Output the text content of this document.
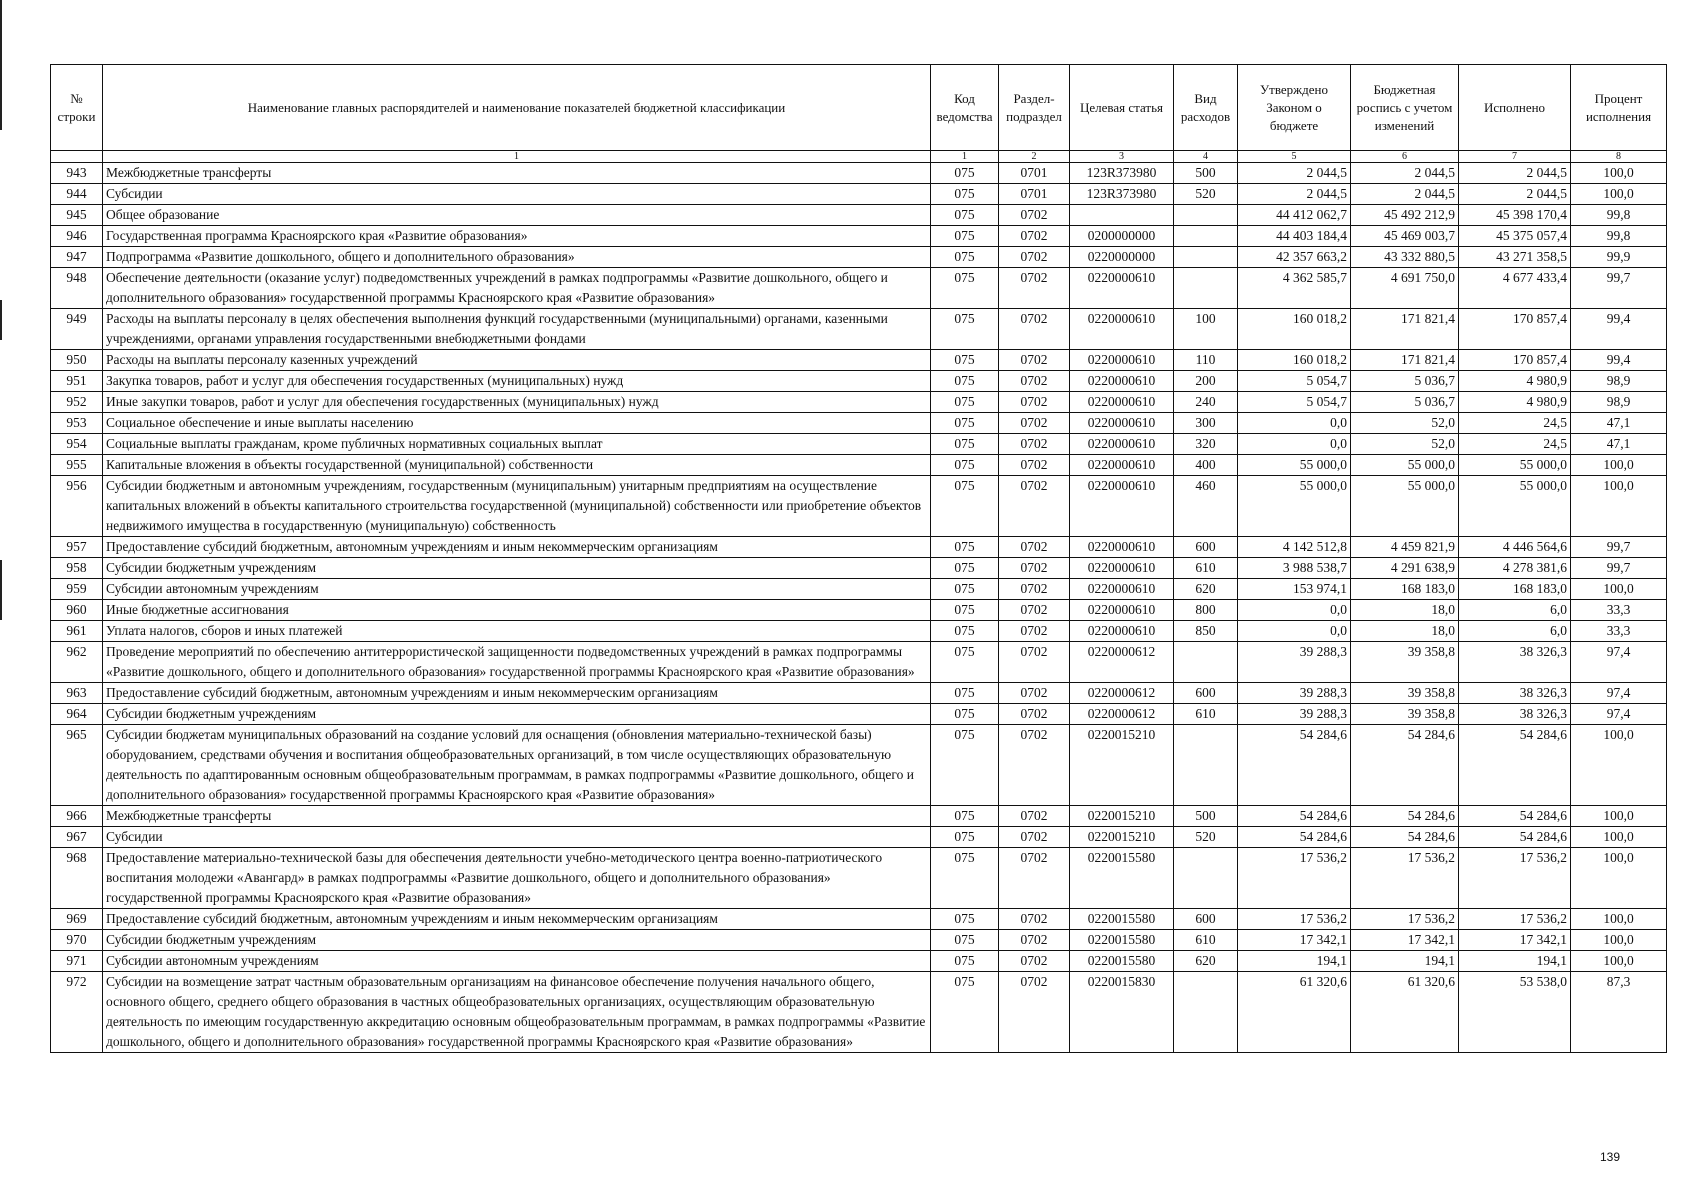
№ строки	Наименование главных распорядителей и наименование показателей бюджетной классификации	Код ведомства	Раздел-подраздел	Целевая статья	Вид расходов	Утверждено Законом о бюджете	Бюджетная роспись с учетом изменений	Исполнено	Процент исполнения
	1	1	2	3	4	5	6	7	8
943	Межбюджетные трансферты	075	0701	123R373980	500	2 044,5	2 044,5	2 044,5	100,0
944	Субсидии	075	0701	123R373980	520	2 044,5	2 044,5	2 044,5	100,0
945	Общее образование	075	0702			44 412 062,7	45 492 212,9	45 398 170,4	99,8
946	Государственная программа Красноярского края «Развитие образования»	075	0702	0200000000		44 403 184,4	45 469 003,7	45 375 057,4	99,8
947	Подпрограмма «Развитие дошкольного, общего и дополнительного образования»	075	0702	0220000000		42 357 663,2	43 332 880,5	43 271 358,5	99,9
948	Обеспечение деятельности (оказание услуг) подведомственных учреждений в рамках подпрограммы «Развитие дошкольного, общего и дополнительного образования» государственной программы Красноярского края «Развитие образования»	075	0702	0220000610		4 362 585,7	4 691 750,0	4 677 433,4	99,7
949	Расходы на выплаты персоналу в целях обеспечения выполнения функций государственными (муниципальными) органами, казенными учреждениями, органами управления государственными внебюджетными фондами	075	0702	0220000610	100	160 018,2	171 821,4	170 857,4	99,4
950	Расходы на выплаты персоналу казенных учреждений	075	0702	0220000610	110	160 018,2	171 821,4	170 857,4	99,4
951	Закупка товаров, работ и услуг для обеспечения государственных (муниципальных) нужд	075	0702	0220000610	200	5 054,7	5 036,7	4 980,9	98,9
952	Иные закупки товаров, работ и услуг для обеспечения государственных (муниципальных) нужд	075	0702	0220000610	240	5 054,7	5 036,7	4 980,9	98,9
953	Социальное обеспечение и иные выплаты населению	075	0702	0220000610	300	0,0	52,0	24,5	47,1
954	Социальные выплаты гражданам, кроме публичных нормативных социальных выплат	075	0702	0220000610	320	0,0	52,0	24,5	47,1
955	Капитальные вложения в объекты государственной (муниципальной) собственности	075	0702	0220000610	400	55 000,0	55 000,0	55 000,0	100,0
956	Субсидии бюджетным и автономным учреждениям, государственным (муниципальным) унитарным предприятиям на осуществление капитальных вложений в объекты капитального строительства государственной (муниципальной) собственности или приобретение объектов недвижимого имущества в государственную (муниципальную) собственность	075	0702	0220000610	460	55 000,0	55 000,0	55 000,0	100,0
957	Предоставление субсидий бюджетным, автономным учреждениям и иным некоммерческим организациям	075	0702	0220000610	600	4 142 512,8	4 459 821,9	4 446 564,6	99,7
958	Субсидии бюджетным учреждениям	075	0702	0220000610	610	3 988 538,7	4 291 638,9	4 278 381,6	99,7
959	Субсидии автономным учреждениям	075	0702	0220000610	620	153 974,1	168 183,0	168 183,0	100,0
960	Иные бюджетные ассигнования	075	0702	0220000610	800	0,0	18,0	6,0	33,3
961	Уплата налогов, сборов и иных платежей	075	0702	0220000610	850	0,0	18,0	6,0	33,3
962	Проведение мероприятий по обеспечению антитеррористической защищенности подведомственных учреждений в рамках подпрограммы «Развитие дошкольного, общего и дополнительного образования» государственной программы Красноярского края «Развитие образования»	075	0702	0220000612		39 288,3	39 358,8	38 326,3	97,4
963	Предоставление субсидий бюджетным, автономным учреждениям и иным некоммерческим организациям	075	0702	0220000612	600	39 288,3	39 358,8	38 326,3	97,4
964	Субсидии бюджетным учреждениям	075	0702	0220000612	610	39 288,3	39 358,8	38 326,3	97,4
965	Субсидии бюджетам муниципальных образований на создание условий для оснащения (обновления материально-технической базы) оборудованием, средствами обучения и воспитания общеобразовательных организаций, в том числе осуществляющих образовательную деятельность по адаптированным основным общеобразовательным программам, в рамках подпрограммы «Развитие дошкольного, общего и дополнительного образования» государственной программы Красноярского края «Развитие образования»	075	0702	0220015210		54 284,6	54 284,6	54 284,6	100,0
966	Межбюджетные трансферты	075	0702	0220015210	500	54 284,6	54 284,6	54 284,6	100,0
967	Субсидии	075	0702	0220015210	520	54 284,6	54 284,6	54 284,6	100,0
968	Предоставление материально-технической базы для обеспечения деятельности учебно-методического центра военно-патриотического воспитания молодежи «Авангард» в рамках подпрограммы «Развитие дошкольного, общего и дополнительного образования» государственной программы Красноярского края «Развитие образования»	075	0702	0220015580		17 536,2	17 536,2	17 536,2	100,0
969	Предоставление субсидий бюджетным, автономным учреждениям и иным некоммерческим организациям	075	0702	0220015580	600	17 536,2	17 536,2	17 536,2	100,0
970	Субсидии бюджетным учреждениям	075	0702	0220015580	610	17 342,1	17 342,1	17 342,1	100,0
971	Субсидии автономным учреждениям	075	0702	0220015580	620	194,1	194,1	194,1	100,0
972	Субсидии на возмещение затрат частным образовательным организациям на финансовое обеспечение получения начального общего, основного общего, среднего общего образования в частных общеобразовательных организациях, осуществляющим образовательную деятельность по имеющим государственную аккредитацию основным общеобразовательным программам, в рамках подпрограммы «Развитие дошкольного, общего и дополнительного образования» государственной программы Красноярского края «Развитие образования»	075	0702	0220015830		61 320,6	61 320,6	53 538,0	87,3
139
